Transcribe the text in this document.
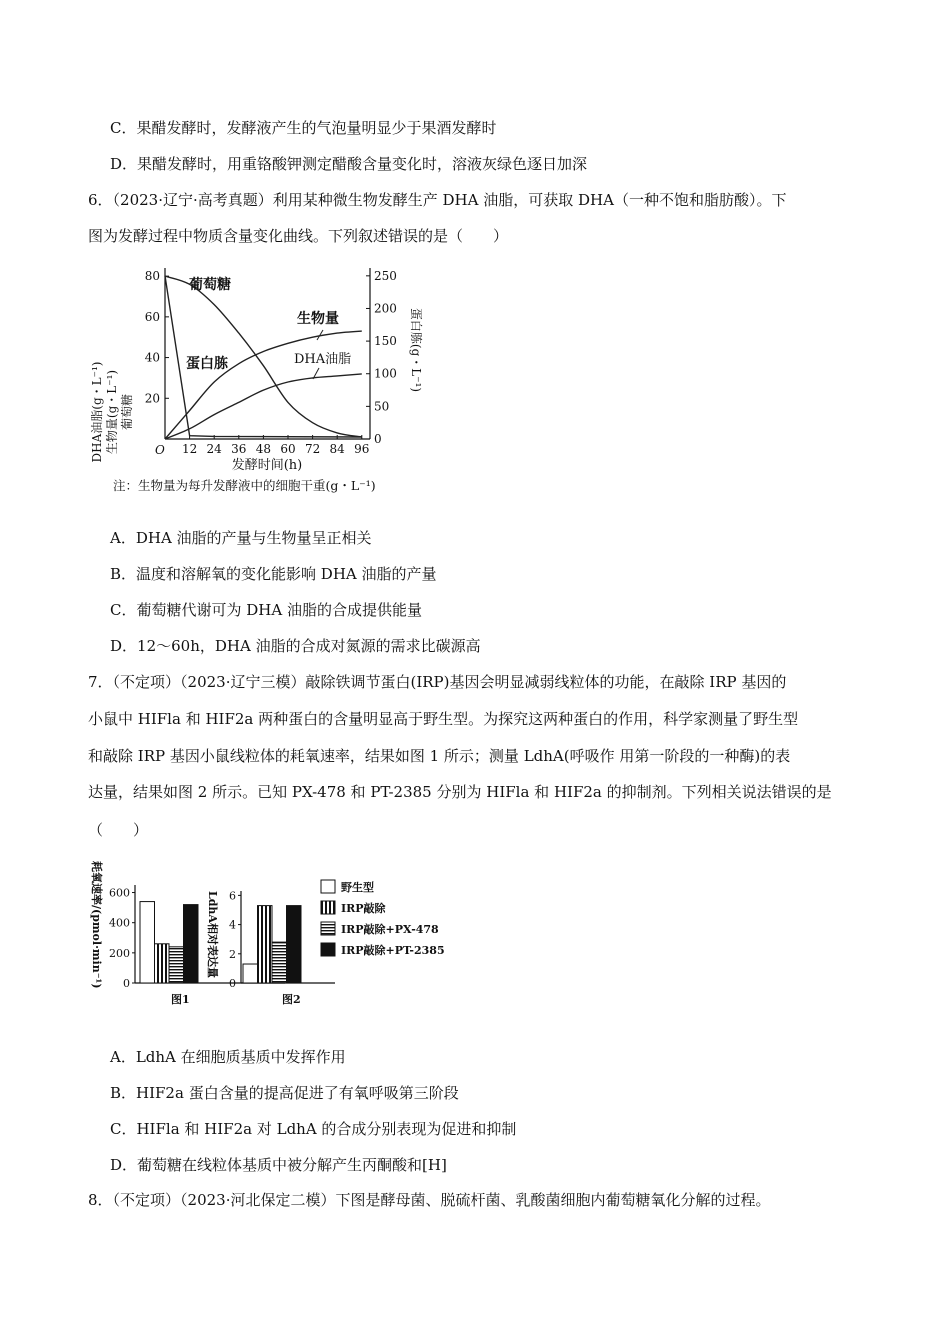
C．果醋发酵时，发酵液产生的气泡量明显少于果酒发酵时
D．果醋发酵时，用重铬酸钾测定醋酸含量变化时，溶液灰绿色逐日加深
6．（2023·辽宁·高考真题）利用某种微生物发酵生产 DHA 油脂，可获取 DHA（一种不饱和脂肪酸）。下
图为发酵过程中物质含量变化曲线。下列叙述错误的是（　　）
DHA油脂(g・L⁻¹) 生物量(g・L⁻¹) 葡萄糖
蛋白胨(g・L⁻¹)
20
40
60
80
0
50
100
150
200
250
12 24 36 48 60 72 84 96
O
发酵时间(h)
葡萄糖
蛋白胨
生物量
DHA油脂
注：生物量为每升发酵液中的细胞干重(g・L⁻¹)
A．DHA 油脂的产量与生物量呈正相关
B．温度和溶解氧的变化能影响 DHA 油脂的产量
C．葡萄糖代谢可为 DHA 油脂的合成提供能量
D．12～60h，DHA 油脂的合成对氮源的需求比碳源高
7．（不定项）（2023·辽宁三模）敲除铁调节蛋白(IRP)基因会明显减弱线粒体的功能，在敲除 IRP 基因的
小鼠中 HIFla 和 HIF2a 两种蛋白的含量明显高于野生型。为探究这两种蛋白的作用，科学家测量了野生型
和敲除 IRP 基因小鼠线粒体的耗氧速率，结果如图 1 所示；测量 LdhA(呼吸作 用第一阶段的一种酶)的表
达量，结果如图 2 所示。已知 PX-478 和 PT-2385 分别为 HIFla 和 HIF2a 的抑制剂。下列相关说法错误的是
（　　）
耗氧速率/(pmol·min⁻¹) 0
200
400
600
图1
LdhA相对表达量
0
2
4
6
图2
野生型
IRP敲除
IRP敲除+PX-478
IRP敲除+PT-2385
A．LdhA 在细胞质基质中发挥作用
B．HIF2a 蛋白含量的提高促进了有氧呼吸第三阶段
C．HIFla 和 HIF2a 对 LdhA 的合成分别表现为促进和抑制
D．葡萄糖在线粒体基质中被分解产生丙酮酸和[H]
8．（不定项）（2023·河北保定二模）下图是酵母菌、脱硫杆菌、乳酸菌细胞内葡萄糖氧化分解的过程。
